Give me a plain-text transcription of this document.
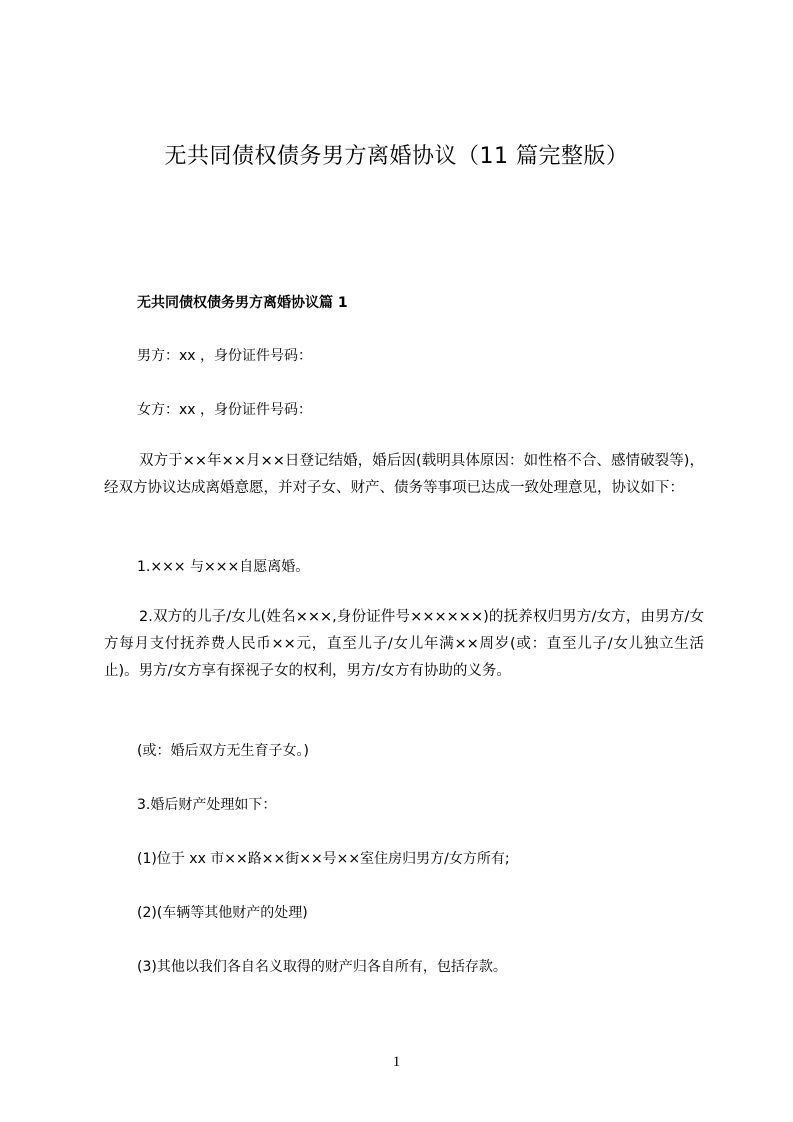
无共同债权债务男方离婚协议（11 篇完整版）
无共同债权债务男方离婚协议篇 1
男方：xx ，身份证件号码：
女方：xx ，身份证件号码：
双方于××年××月××日登记结婚，婚后因(载明具体原因：如性格不合、感情破裂等)，经双方协议达成离婚意愿，并对子女、财产、债务等事项已达成一致处理意见，协议如下：
1.××× 与×××自愿离婚。
2.双方的儿子/女儿(姓名×××,身份证件号××××××)的抚养权归男方/女方，由男方/女方每月支付抚养费人民币××元，直至儿子/女儿年满××周岁(或：直至儿子/女儿独立生活止)。男方/女方享有探视子女的权利，男方/女方有协助的义务。
(或：婚后双方无生育子女。)
3.婚后财产处理如下：
(1)位于 xx 市××路××街××号××室住房归男方/女方所有;
(2)(车辆等其他财产的处理)
(3)其他以我们各自名义取得的财产归各自所有，包括存款。
1
